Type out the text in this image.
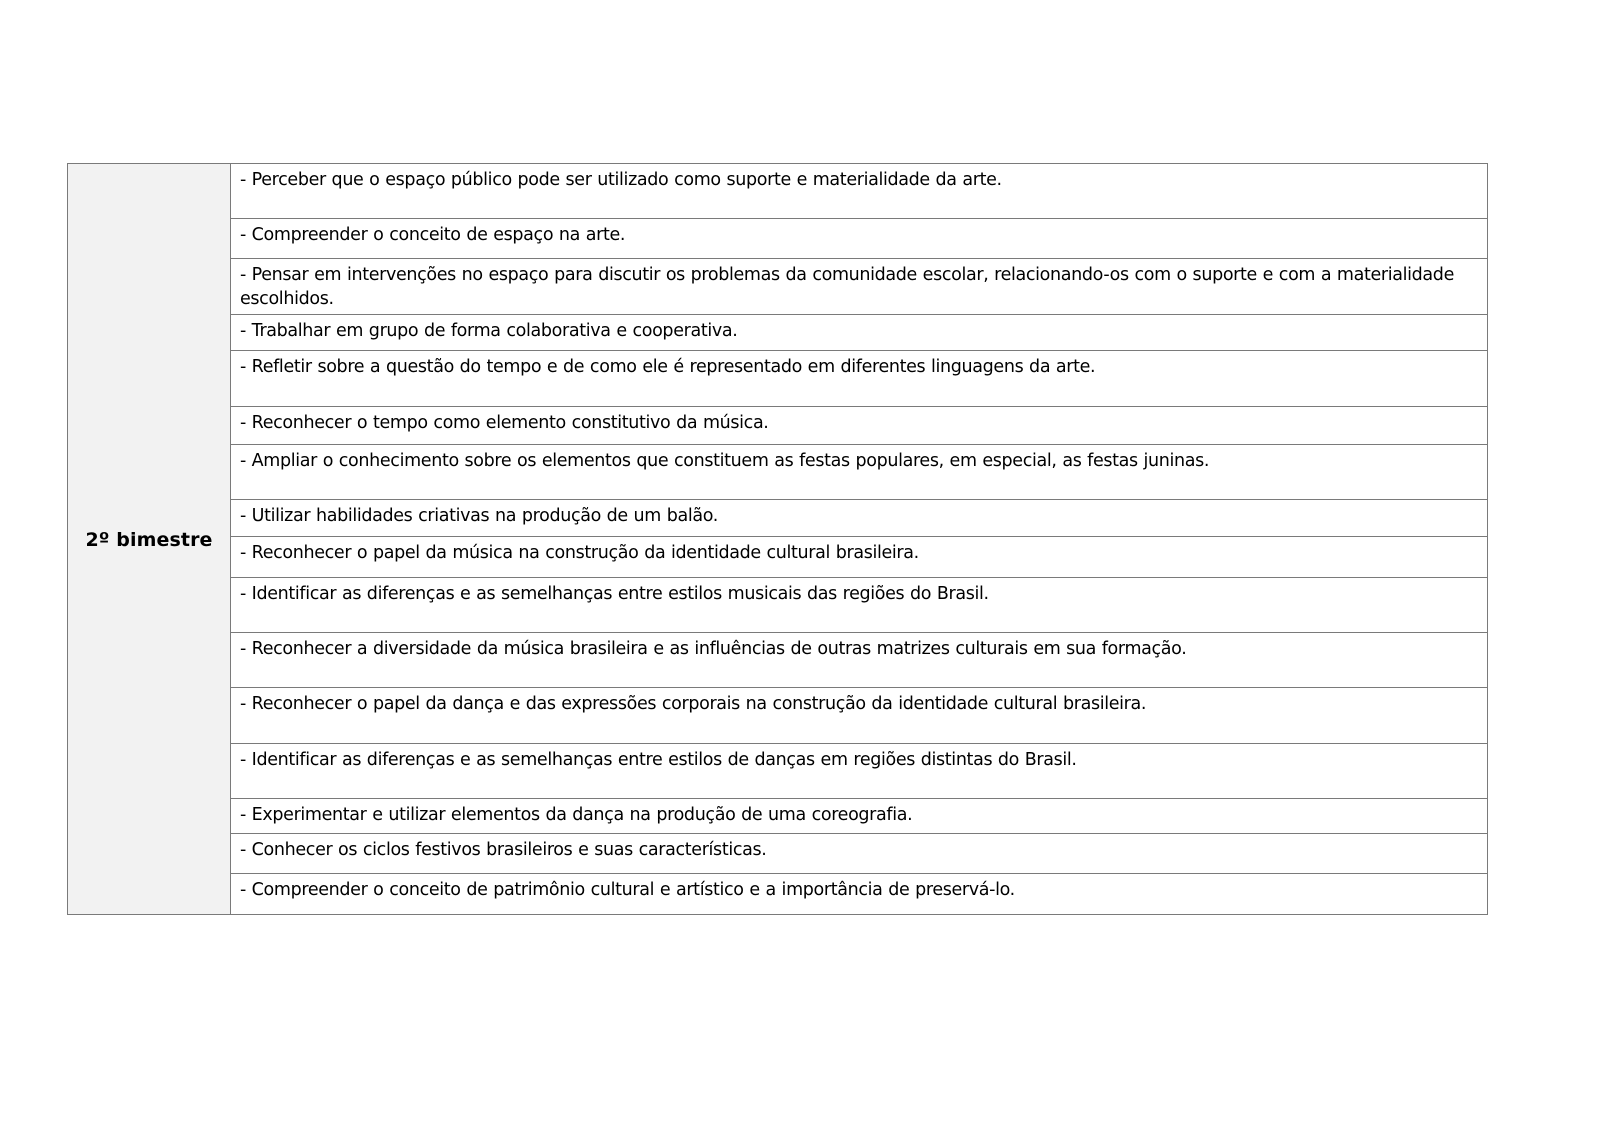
2º bimestre	- Perceber que o espaço público pode ser utilizado como suporte e materialidade da arte.
- Compreender o conceito de espaço na arte.
- Pensar em intervenções no espaço para discutir os problemas da comunidade escolar, relacionando-os com o suporte e com a materialidade escolhidos.
- Trabalhar em grupo de forma colaborativa e cooperativa.
- Refletir sobre a questão do tempo e de como ele é representado em diferentes linguagens da arte.
- Reconhecer o tempo como elemento constitutivo da música.
- Ampliar o conhecimento sobre os elementos que constituem as festas populares, em especial, as festas juninas.
- Utilizar habilidades criativas na produção de um balão.
- Reconhecer o papel da música na construção da identidade cultural brasileira.
- Identificar as diferenças e as semelhanças entre estilos musicais das regiões do Brasil.
- Reconhecer a diversidade da música brasileira e as influências de outras matrizes culturais em sua formação.
- Reconhecer o papel da dança e das expressões corporais na construção da identidade cultural brasileira.
- Identificar as diferenças e as semelhanças entre estilos de danças em regiões distintas do Brasil.
- Experimentar e utilizar elementos da dança na produção de uma coreografia.
- Conhecer os ciclos festivos brasileiros e suas características.
- Compreender o conceito de patrimônio cultural e artístico e a importância de preservá-lo.
